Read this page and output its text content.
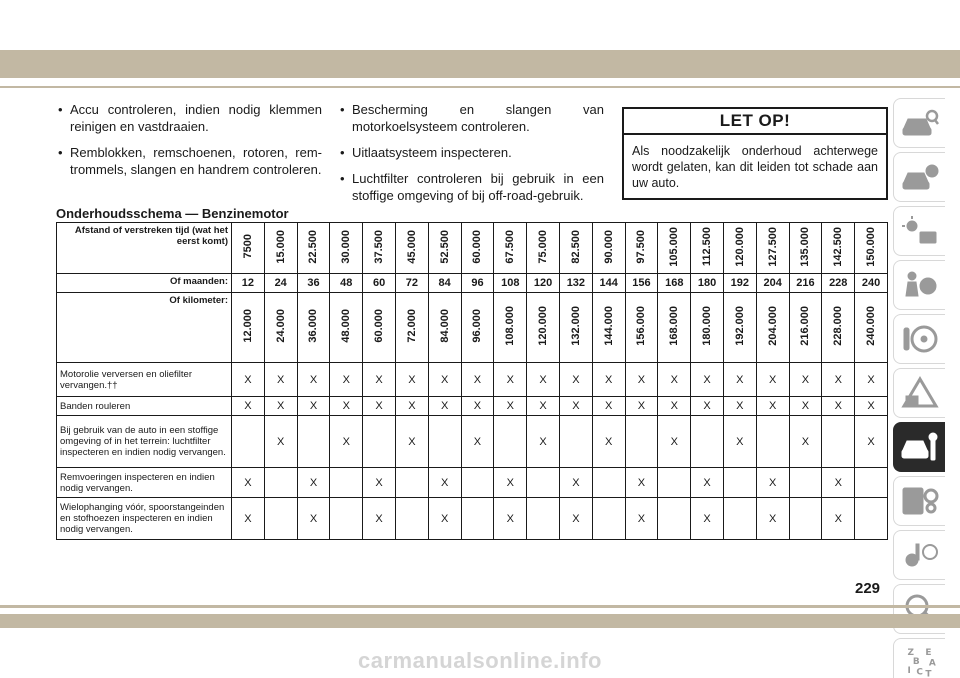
• Accu controleren, indien nodig klemmen reinigen en vastdraaien.

• Remblokken, remschoenen, rotoren, remtrommels, slangen en handrem controleren.

• Bescherming en slangen van motorkoelsysteem controleren.

• Uitlaatsysteem inspecteren.

• Luchtfilter controleren bij gebruik in een stoffige omgeving of bij off-road-gebruik.

LET OP!
Als noodzakelijk onderhoud achterwege wordt gelaten, kan dit leiden tot schade aan uw auto.
Onderhoudsschema — Benzinemotor
Afstand of verstreken tijd (wat het eerst komt)	7500	15.000	22.500	30.000	37.500	45.000	52.500	60.000	67.500	75.000	82.500	90.000	97.500	105.000	112.500	120.000	127.500	135.000	142.500	150.000
Of maanden:	12	24	36	48	60	72	84	96	108	120	132	144	156	168	180	192	204	216	228	240
Of kilometer:	12.000	24.000	36.000	48.000	60.000	72.000	84.000	96.000	108.000	120.000	132.000	144.000	156.000	168.000	180.000	192.000	204.000	216.000	228.000	240.000
Motorolie verversen en oliefilter vervangen.††	X	X	X	X	X	X	X	X	X	X	X	X	X	X	X	X	X	X	X	X
Banden rouleren	X	X	X	X	X	X	X	X	X	X	X	X	X	X	X	X	X	X	X	X
Bij gebruik van de auto in een stoffige omgeving of in het terrein: luchtfilter inspecteren en indien nodig vervangen.		X		X		X		X		X		X		X		X		X		X
Remvoeringen inspecteren en indien nodig vervangen.	X		X		X		X		X		X		X		X		X		X	
Wielophanging vóór, spoorstangeinden en stofhoezen inspecteren en indien nodig vervangen.	X		X		X		X		X		X		X		X		X		X	
Z E
B A
I C T
229
carmanualsonline.info
